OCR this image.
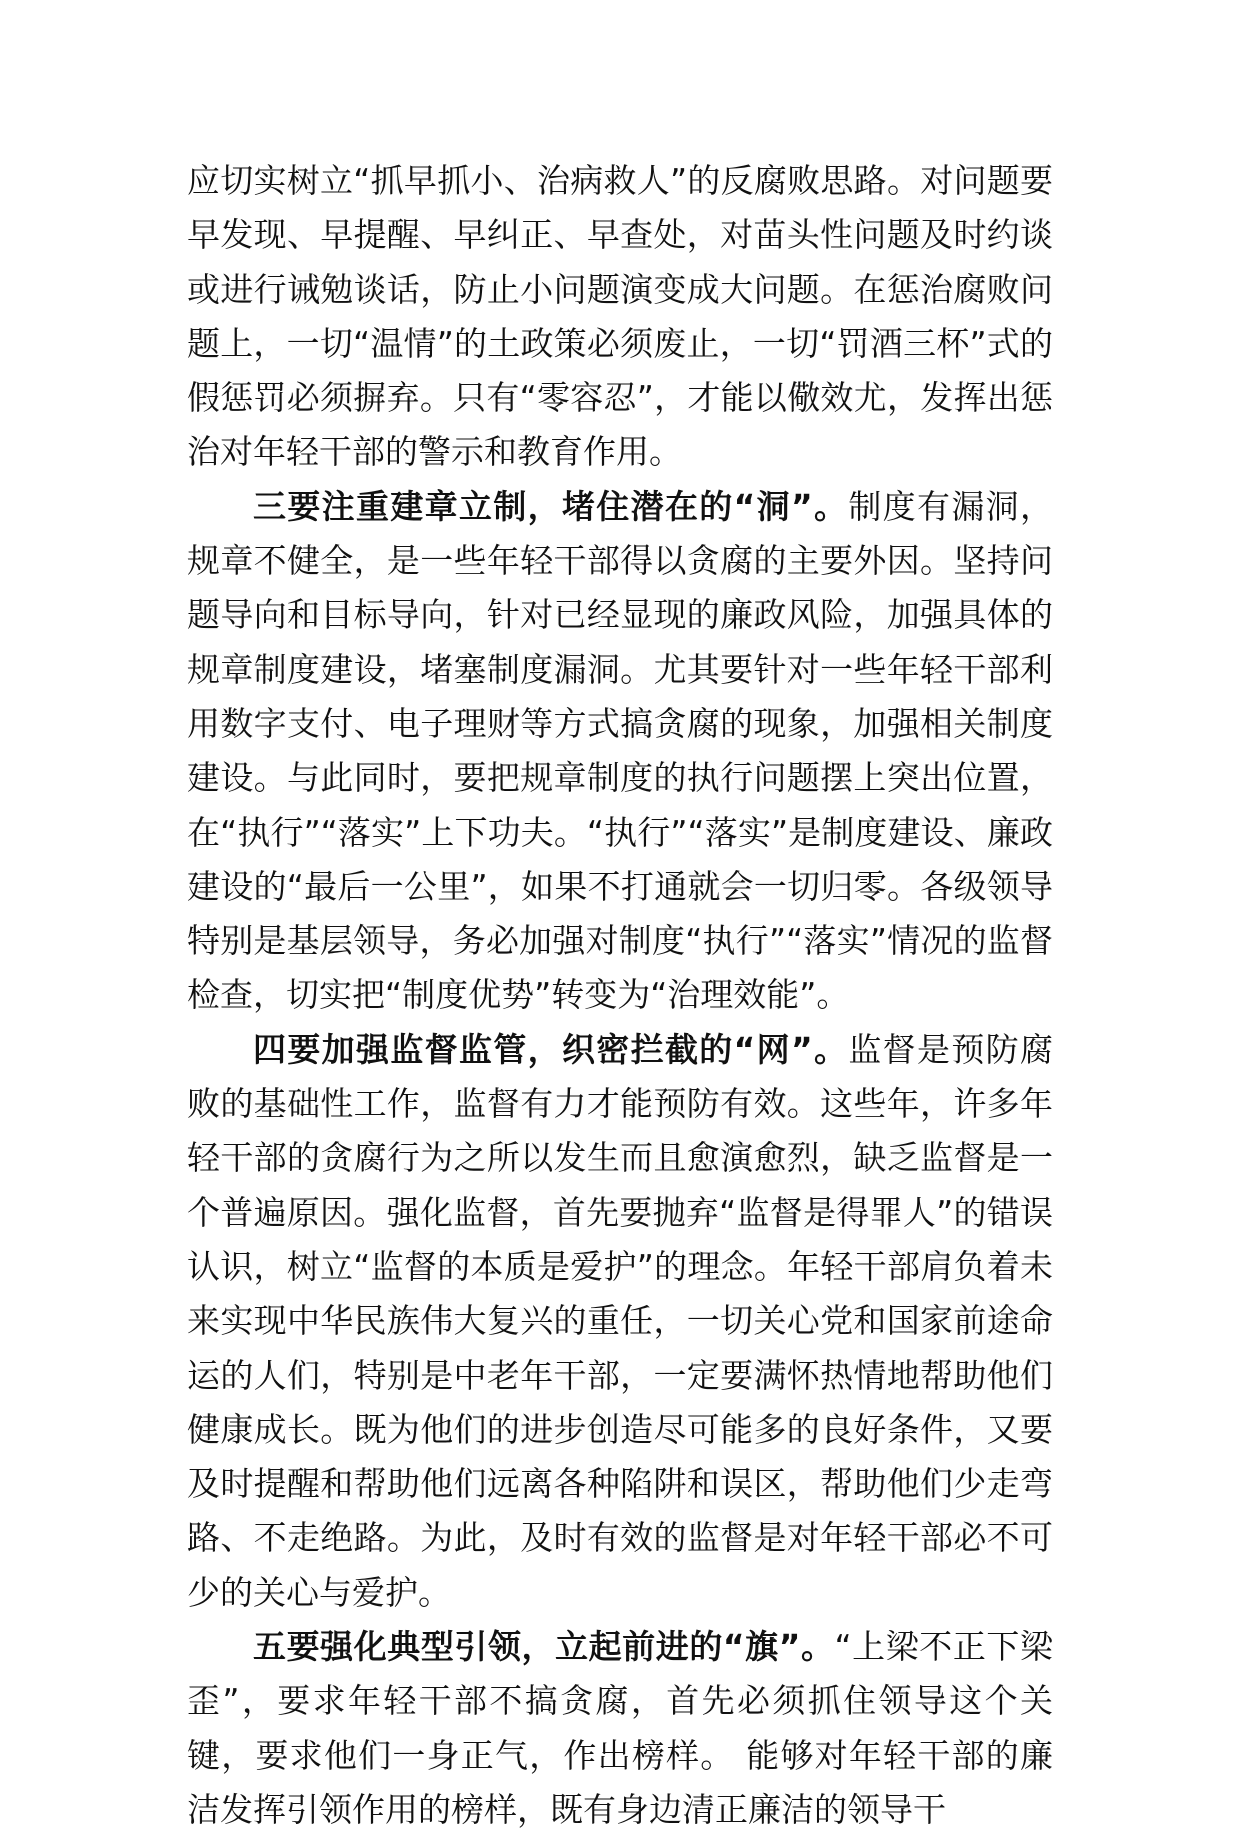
应切实树立“抓早抓小、治病救人”的反腐败思路。对问题要早发现、早提醒、早纠正、早查处，对苗头性问题及时约谈或进行诫勉谈话，防止小问题演变成大问题。在惩治腐败问题上，一切“温情”的土政策必须废止，一切“罚酒三杯”式的假惩罚必须摒弃。只有“零容忍”，才能以儆效尤，发挥出惩治对年轻干部的警示和教育作用。

三要注重建章立制，堵住潜在的“洞”。制度有漏洞，规章不健全，是一些年轻干部得以贪腐的主要外因。坚持问题导向和目标导向，针对已经显现的廉政风险，加强具体的规章制度建设，堵塞制度漏洞。尤其要针对一些年轻干部利用数字支付、电子理财等方式搞贪腐的现象，加强相关制度建设。与此同时，要把规章制度的执行问题摆上突出位置，在“执行”“落实”上下功夫。“执行”“落实”是制度建设、廉政建设的“最后一公里”，如果不打通就会一切归零。各级领导特别是基层领导，务必加强对制度“执行”“落实”情况的监督检查，切实把“制度优势”转变为“治理效能”。

四要加强监督监管，织密拦截的“网”。监督是预防腐败的基础性工作，监督有力才能预防有效。这些年，许多年轻干部的贪腐行为之所以发生而且愈演愈烈，缺乏监督是一个普遍原因。强化监督，首先要抛弃“监督是得罪人”的错误认识，树立“监督的本质是爱护”的理念。年轻干部肩负着未来实现中华民族伟大复兴的重任，一切关心党和国家前途命运的人们，特别是中老年干部，一定要满怀热情地帮助他们健康成长。既为他们的进步创造尽可能多的良好条件，又要及时提醒和帮助他们远离各种陷阱和误区，帮助他们少走弯路、不走绝路。为此，及时有效的监督是对年轻干部必不可少的关心与爱护。

五要强化典型引领，立起前进的“旗”。“上梁不正下梁歪”，要求年轻干部不搞贪腐，首先必须抓住领导这个关键，要求他们一身正气，作出榜样。 能够对年轻干部的廉洁发挥引领作用的榜样，既有身边清正廉洁的领导干
